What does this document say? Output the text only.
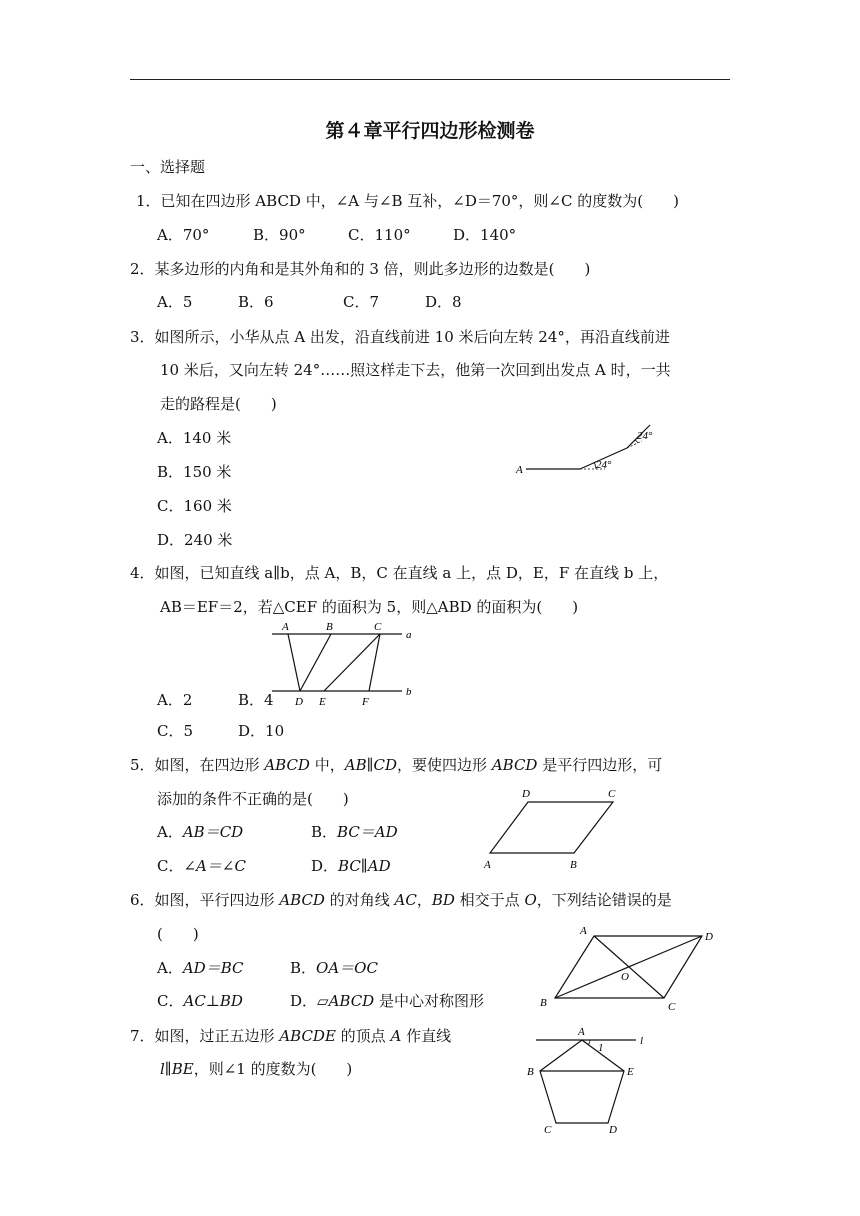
第４章平行四边形检测卷
一、选择题
1．已知在四边形 ABCD 中，∠A 与∠B 互补，∠D＝70°，则∠C 的度数为(　　)
A．70°	B．90°	C．110°	D．140°
2．某多边形的内角和是其外角和的 3 倍，则此多边形的边数是(　　)
A．5	B．6	C．7	D．8
3．如图所示，小华从点 A 出发，沿直线前进 10 米后向左转 24°，再沿直线前进
10 米后，又向左转 24°……照这样走下去，他第一次回到出发点 A 时，一共
走的路程是(　　)
A．140 米
B．150 米
C．160 米
D．240 米
A	24°
24°
4．如图，已知直线 a∥b，点 A，B，C 在直线 a 上，点 D，E，F 在直线 b 上，
AB＝EF＝2，若△CEF 的面积为 5，则△ABD 的面积为(　　)
A	B	C
a
D E	F
b
A．2	B．4
C．5	D．10
5．如图，在四边形 ABCD 中，AB∥CD，要使四边形 ABCD 是平行四边形，可
添加的条件不正确的是(　　)
A．AB＝CD	B．BC＝AD
C．∠A＝∠C	D．BC∥AD
D	C
A	B
6．如图，平行四边形 ABCD 的对角线 AC，BD 相交于点 O，下列结论错误的是
(　　)
A．AD＝BC	B．OA＝OC
C．AC⊥BD	D．▱ABCD 是中心对称图形
A	D
O
B	C
7．如图，过正五边形 ABCDE 的顶点 A 作直线
l∥BE，则∠1 的度数为(　　)
A
l
1
B	E
C	D
